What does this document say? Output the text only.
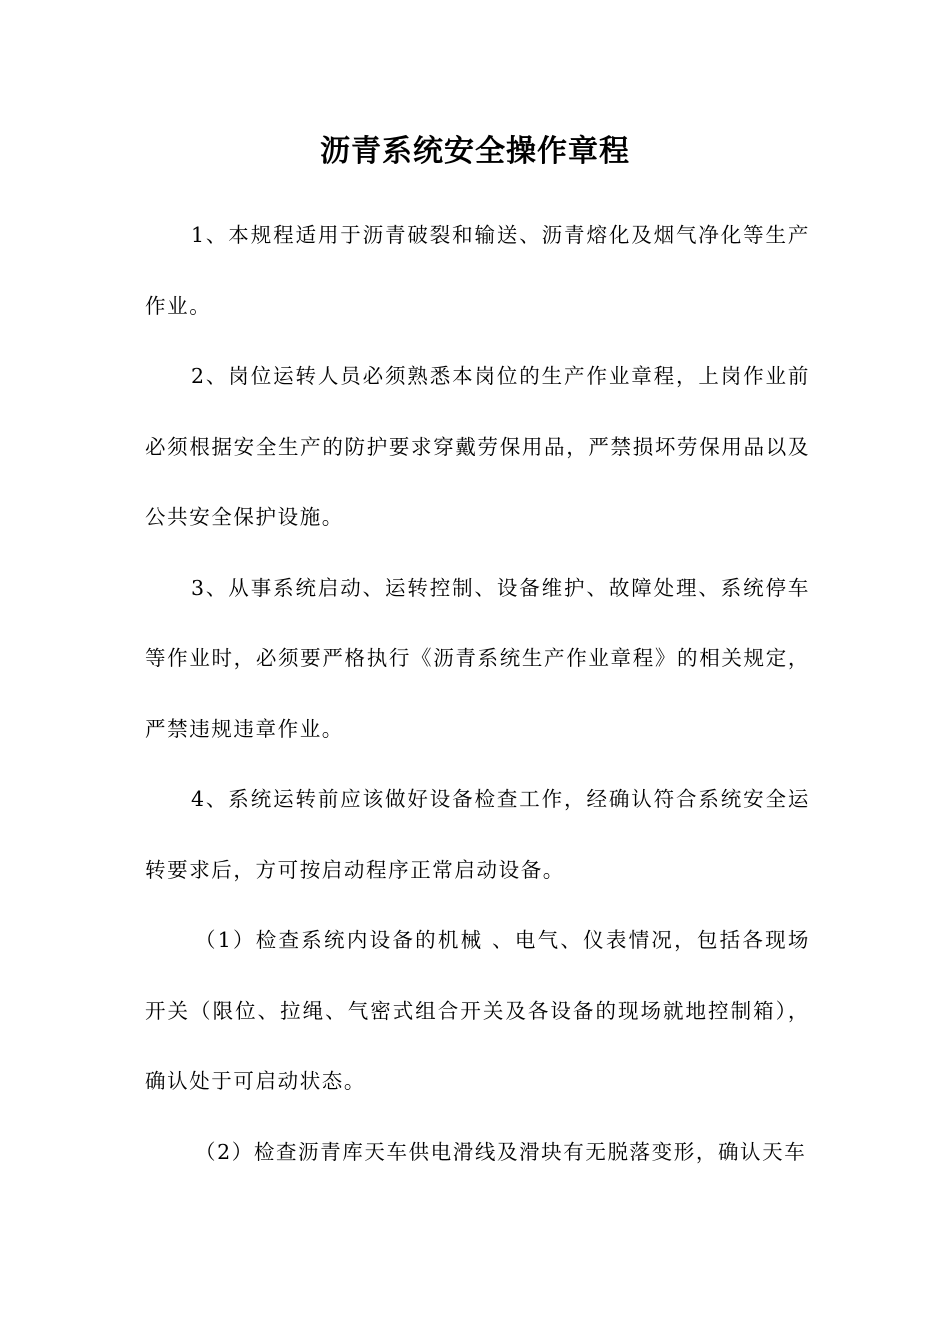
沥青系统安全操作章程

1、本规程适用于沥青破裂和输送、沥青熔化及烟气净化等生产作业。

2、岗位运转人员必须熟悉本岗位的生产作业章程，上岗作业前必须根据安全生产的防护要求穿戴劳保用品，严禁损坏劳保用品以及公共安全保护设施。

3、从事系统启动、运转控制、设备维护、故障处理、系统停车等作业时，必须要严格执行《沥青系统生产作业章程》的相关规定，严禁违规违章作业。

4、系统运转前应该做好设备检查工作，经确认符合系统安全运转要求后，方可按启动程序正常启动设备。

（1）检查系统内设备的机械 、电气、仪表情况，包括各现场开关（限位、拉绳、气密式组合开关及各设备的现场就地控制箱），确认处于可启动状态。

（2）检查沥青库天车供电滑线及滑块有无脱落变形，确认天车
